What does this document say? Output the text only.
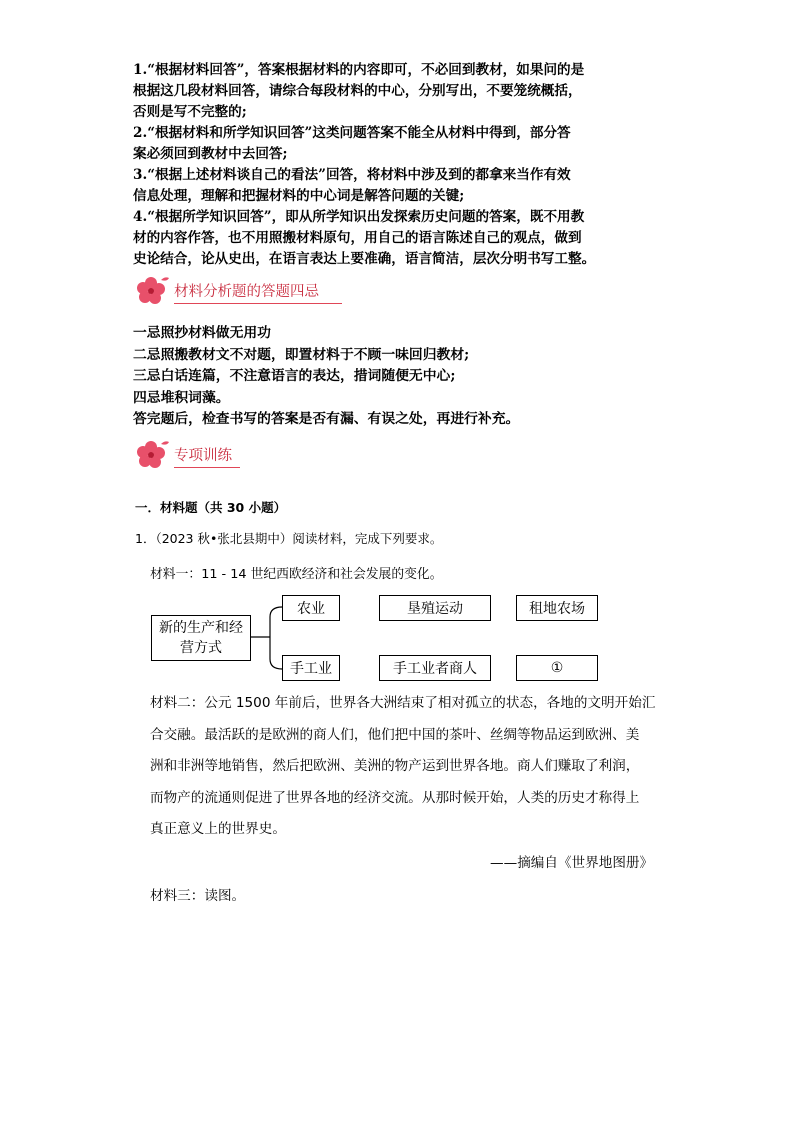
1.“根据材料回答”，答案根据材料的内容即可，不必回到教材，如果问的是

根据这几段材料回答，请综合每段材料的中心，分别写出，不要笼统概括，

否则是写不完整的;

2.“根据材料和所学知识回答”这类问题答案不能全从材料中得到，部分答

案必须回到教材中去回答;

3.“根据上述材料谈自己的看法”回答，将材料中涉及到的都拿来当作有效

信息处理，理解和把握材料的中心词是解答问题的关键;

4.“根据所学知识回答”，即从所学知识出发探索历史问题的答案，既不用教

材的内容作答，也不用照搬材料原句，用自己的语言陈述自己的观点，做到

史论结合，论从史出，在语言表达上要准确，语言简洁，层次分明书写工整。

材料分析题的答题四忌

一忌照抄材料做无用功

二忌照搬教材文不对题，即置材料于不顾一味回归教材;

三忌白话连篇，不注意语言的表达，措词随便无中心;

四忌堆积词藻。

答完题后，检查书写的答案是否有漏、有误之处，再进行补充。

专项训练
一．材料题（共 30 小题）
1．（2023 秋•张北县期中）阅读材料，完成下列要求。
材料一：11 - 14 世纪西欧经济和社会发展的变化。
新的生产和经营方式
农业	垦殖运动	租地农场
手工业	手工业者商人	①

材料二：公元 1500 年前后，世界各大洲结束了相对孤立的状态，各地的文明开始汇

合交融。最活跃的是欧洲的商人们，他们把中国的茶叶、丝绸等物品运到欧洲、美

洲和非洲等地销售，然后把欧洲、美洲的物产运到世界各地。商人们赚取了利润，

而物产的流通则促进了世界各地的经济交流。从那时候开始，人类的历史才称得上

真正意义上的世界史。

——摘编自《世界地图册》
材料三：读图。
